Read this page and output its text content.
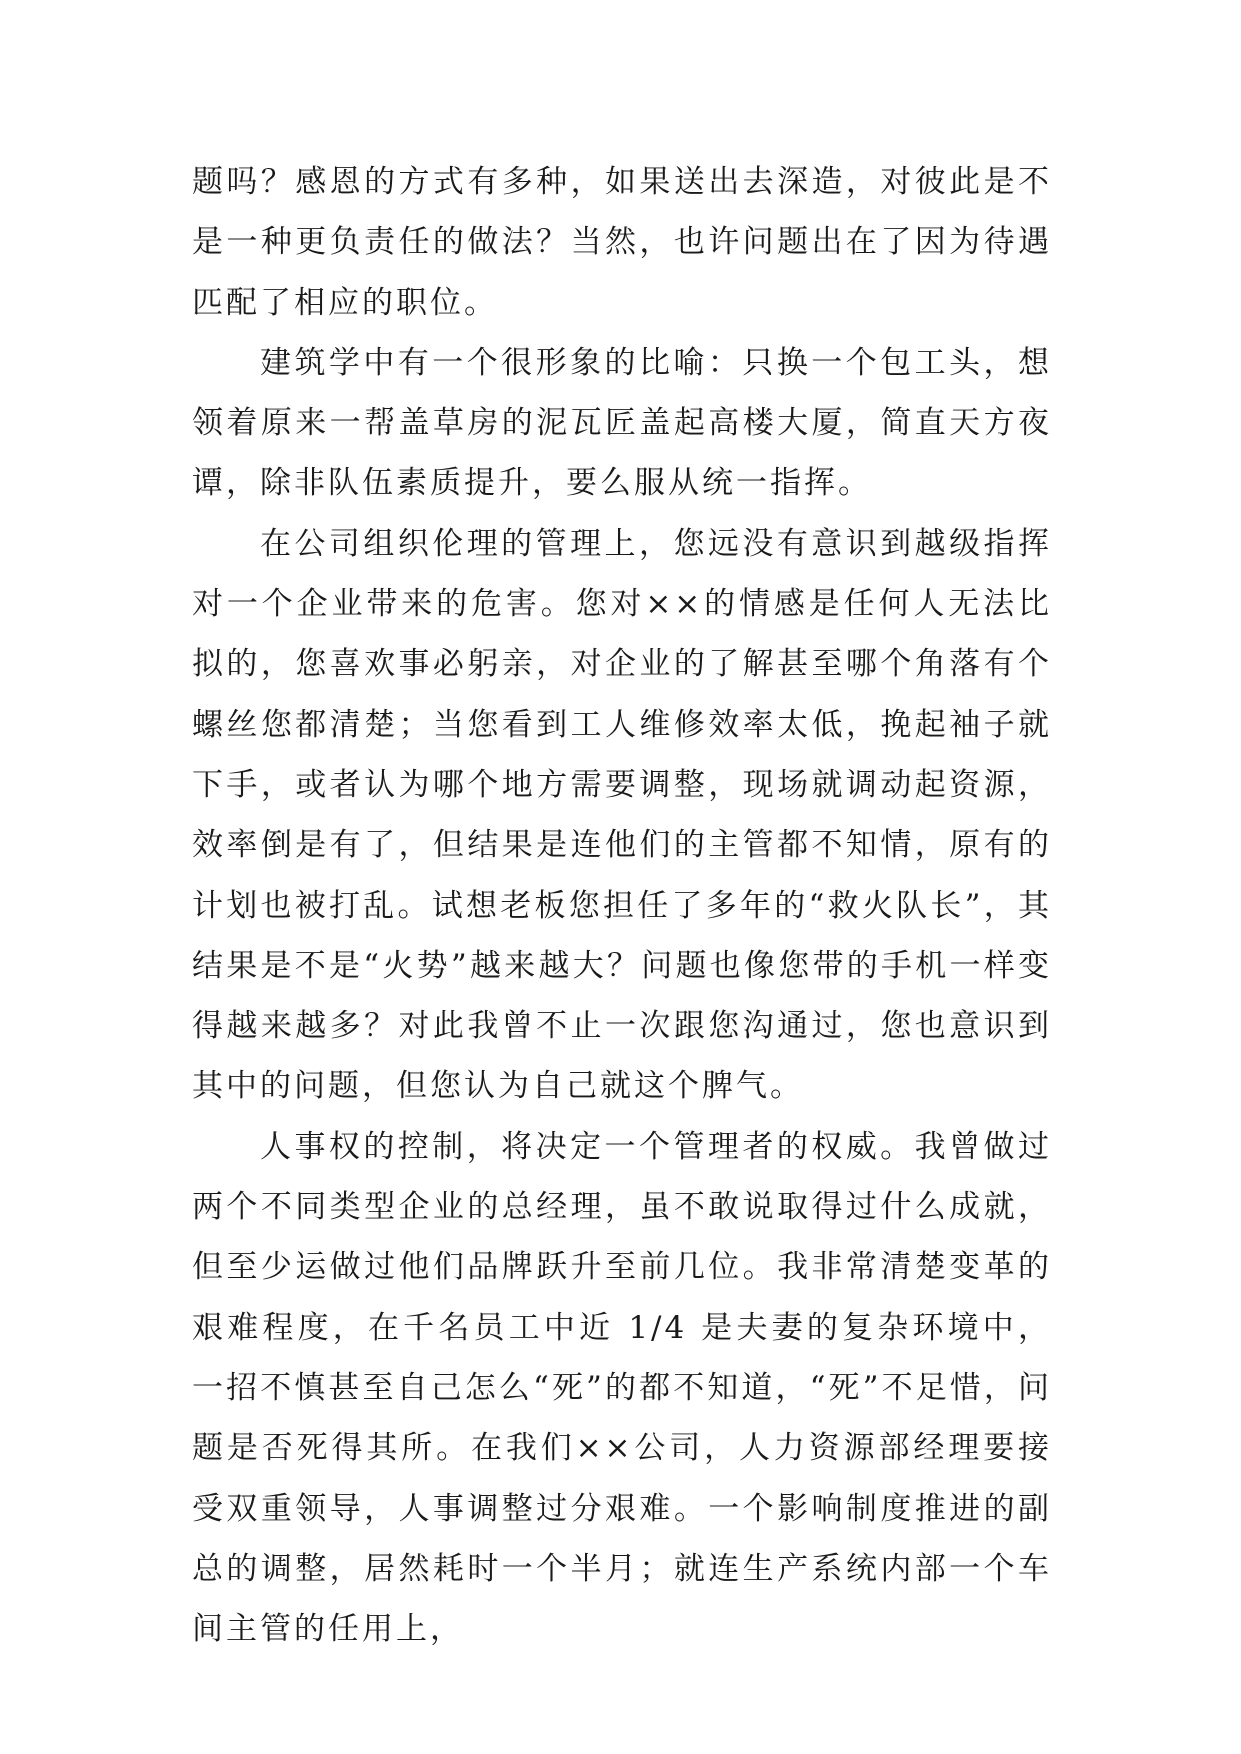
题吗？感恩的方式有多种，如果送出去深造，对彼此是不是一种更负责任的做法？当然，也许问题出在了因为待遇匹配了相应的职位。

建筑学中有一个很形象的比喻：只换一个包工头，想领着原来一帮盖草房的泥瓦匠盖起高楼大厦，简直天方夜谭，除非队伍素质提升，要么服从统一指挥。

在公司组织伦理的管理上，您远没有意识到越级指挥对一个企业带来的危害。您对××的情感是任何人无法比拟的，您喜欢事必躬亲，对企业的了解甚至哪个角落有个螺丝您都清楚；当您看到工人维修效率太低，挽起袖子就下手，或者认为哪个地方需要调整，现场就调动起资源，效率倒是有了，但结果是连他们的主管都不知情，原有的计划也被打乱。试想老板您担任了多年的“救火队长”，其结果是不是“火势”越来越大？问题也像您带的手机一样变得越来越多？对此我曾不止一次跟您沟通过，您也意识到其中的问题，但您认为自己就这个脾气。

人事权的控制，将决定一个管理者的权威。我曾做过两个不同类型企业的总经理，虽不敢说取得过什么成就，但至少运做过他们品牌跃升至前几位。我非常清楚变革的艰难程度，在千名员工中近 1/4 是夫妻的复杂环境中，一招不慎甚至自己怎么“死”的都不知道，“死”不足惜，问题是否死得其所。在我们××公司，人力资源部经理要接受双重领导，人事调整过分艰难。一个影响制度推进的副总的调整，居然耗时一个半月；就连生产系统内部一个车间主管的任用上，
